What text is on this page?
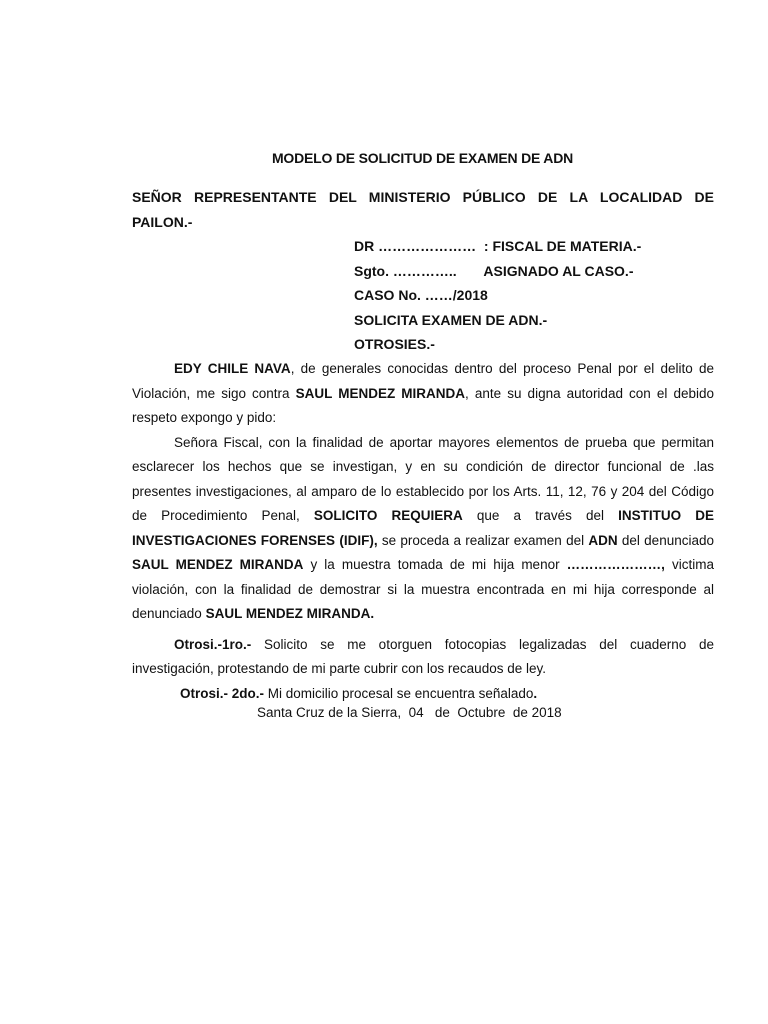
MODELO DE SOLICITUD DE EXAMEN DE ADN
SEÑOR REPRESENTANTE DEL MINISTERIO PÚBLICO DE LA LOCALIDAD DE PAILON.-
DR …………………  : FISCAL DE MATERIA.-
Sgto. …………..       ASIGNADO AL CASO.-
CASO No. ……/2018
SOLICITA EXAMEN DE ADN.-
OTROSIES.-

EDY CHILE NAVA, de generales conocidas dentro del proceso Penal por el delito de Violación, me sigo contra SAUL MENDEZ MIRANDA, ante su digna autoridad con el debido respeto expongo y pido:

Señora Fiscal, con la finalidad de aportar mayores elementos de prueba que permitan esclarecer los hechos que se investigan, y en su condición de director funcional de .las presentes investigaciones, al amparo de lo establecido por los Arts. 11, 12, 76 y 204 del Código de Procedimiento Penal, SOLICITO REQUIERA que a través del INSTITUO DE INVESTIGACIONES FORENSES (IDIF), se proceda a realizar examen del ADN del denunciado SAUL MENDEZ MIRANDA y la muestra tomada de mi hija menor …………………, victima violación, con la finalidad de demostrar si la muestra encontrada en mi hija corresponde al denunciado SAUL MENDEZ MIRANDA.

Otrosi.-1ro.- Solicito se me otorguen fotocopias legalizadas del cuaderno de investigación, protestando de mi parte cubrir con los recaudos de ley.

Otrosi.- 2do.- Mi domicilio procesal se encuentra señalado.

Santa Cruz de la Sierra,  04   de  Octubre  de 2018
